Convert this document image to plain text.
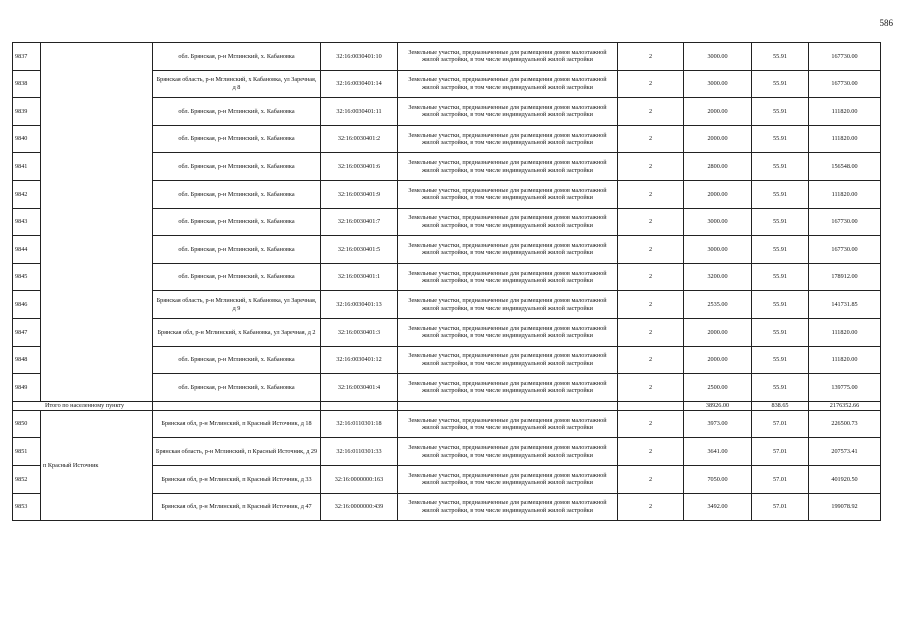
586
9837		обл. Брянская, р-н Мглинский, х. Кабановка	32:16:0030401:10	Земельные участки, предназначенные для размещения домов малоэтажной жилой застройки, в том числе индивидуальной жилой застройки	2	3000.00	55.91	167730.00
9838		Брянская область, р-н Мглинский, х Кабановка, ул Заречная, д 8	32:16:0030401:14	Земельные участки, предназначенные для размещения домов малоэтажной жилой застройки, в том числе индивидуальной жилой застройки	2	3000.00	55.91	167730.00
9839		обл. Брянская, р-н Мглинский, х. Кабановка	32:16:0030401:11	Земельные участки, предназначенные для размещения домов малоэтажной жилой застройки, в том числе индивидуальной жилой застройки	2	2000.00	55.91	111820.00
9840		обл. Брянская, р-н Мглинский, х. Кабановка	32:16:0030401:2	Земельные участки, предназначенные для размещения домов малоэтажной жилой застройки, в том числе индивидуальной жилой застройки	2	2000.00	55.91	111820.00
9841		обл. Брянская, р-н Мглинский, х. Кабановка	32:16:0030401:6	Земельные участки, предназначенные для размещения домов малоэтажной жилой застройки, в том числе индивидуальной жилой застройки	2	2800.00	55.91	156548.00
9842		обл. Брянская, р-н Мглинский, х. Кабановка	32:16:0030401:9	Земельные участки, предназначенные для размещения домов малоэтажной жилой застройки, в том числе индивидуальной жилой застройки	2	2000.00	55.91	111820.00
9843		обл. Брянская, р-н Мглинский, х. Кабановка	32:16:0030401:7	Земельные участки, предназначенные для размещения домов малоэтажной жилой застройки, в том числе индивидуальной жилой застройки	2	3000.00	55.91	167730.00
9844		обл. Брянская, р-н Мглинский, х. Кабановка	32:16:0030401:5	Земельные участки, предназначенные для размещения домов малоэтажной жилой застройки, в том числе индивидуальной жилой застройки	2	3000.00	55.91	167730.00
9845		обл. Брянская, р-н Мглинский, х. Кабановка	32:16:0030401:1	Земельные участки, предназначенные для размещения домов малоэтажной жилой застройки, в том числе индивидуальной жилой застройки	2	3200.00	55.91	178912.00
9846		Брянская область, р-н Мглинский, х Кабановка, ул Заречная, д 9	32:16:0030401:13	Земельные участки, предназначенные для размещения домов малоэтажной жилой застройки, в том числе индивидуальной жилой застройки	2	2535.00	55.91	141731.85
9847		Брянская обл, р-н Мглинский, х Кабановка, ул Заречная, д 2	32:16:0030401:3	Земельные участки, предназначенные для размещения домов малоэтажной жилой застройки, в том числе индивидуальной жилой застройки	2	2000.00	55.91	111820.00
9848		обл. Брянская, р-н Мглинский, х. Кабановка	32:16:0030401:12	Земельные участки, предназначенные для размещения домов малоэтажной жилой застройки, в том числе индивидуальной жилой застройки	2	2000.00	55.91	111820.00
9849		обл. Брянская, р-н Мглинский, х. Кабановка	32:16:0030401:4	Земельные участки, предназначенные для размещения домов малоэтажной жилой застройки, в том числе индивидуальной жилой застройки	2	2500.00	55.91	139775.00
Итого по населенному пункту						38926.00	838.65	2176352.66
9850	п Красный Источник	Брянская обл, р-н Мглинский, п Красный Источник, д 18	32:16:0110301:18	Земельные участки, предназначенные для размещения домов малоэтажной жилой застройки, в том числе индивидуальной жилой застройки	2	3973.00	57.01	226500.73
9851		Брянская область, р-н Мглинский, п Красный Источник, д 29	32:16:0110301:33	Земельные участки, предназначенные для размещения домов малоэтажной жилой застройки, в том числе индивидуальной жилой застройки	2	3641.00	57.01	207573.41
9852		Брянская обл, р-н Мглинский, п Красный Источник, д 33	32:16:0000000:163	Земельные участки, предназначенные для размещения домов малоэтажной жилой застройки, в том числе индивидуальной жилой застройки	2	7050.00	57.01	401920.50
9853		Брянская обл, р-н Мглинский, п Красный Источник, д 47	32:16:0000000:439	Земельные участки, предназначенные для размещения домов малоэтажной жилой застройки, в том числе индивидуальной жилой застройки	2	3492.00	57.01	199078.92
